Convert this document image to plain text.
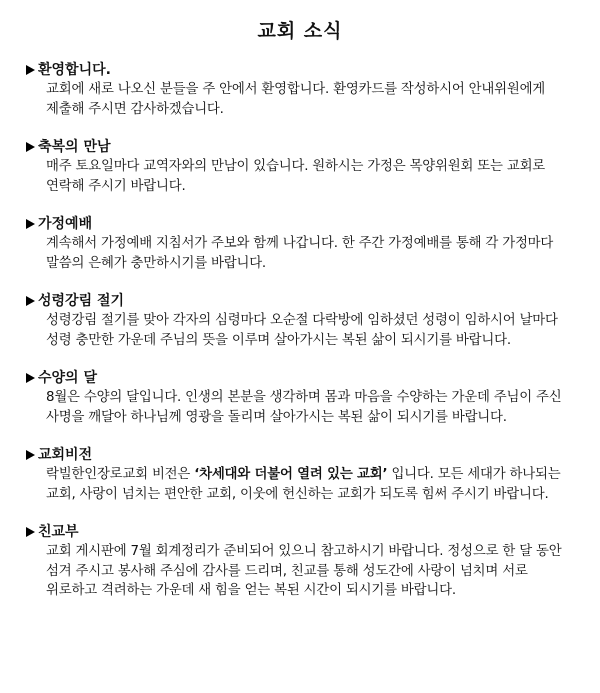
교회 소식
환영합니다.
교회에 새로 나오신 분들을 주 안에서 환영합니다. 환영카드를 작성하시어 안내위원에게 제출해 주시면 감사하겠습니다.
축복의 만남
매주 토요일마다 교역자와의 만남이 있습니다. 원하시는 가정은 목양위원회 또는 교회로 연락해 주시기 바랍니다.
가정예배
계속해서 가정예배 지침서가 주보와 함께 나갑니다. 한 주간 가정예배를 통해 각 가정마다 말씀의 은혜가 충만하시기를 바랍니다.
성령강림 절기
성령강림 절기를 맞아 각자의 심령마다 오순절 다락방에 임하셨던 성령이 임하시어 날마다 성령 충만한 가운데 주님의 뜻을 이루며 살아가시는 복된 삶이 되시기를 바랍니다.
수양의 달
8월은 수양의 달입니다. 인생의 본분을 생각하며 몸과 마음을 수양하는 가운데 주님이 주신 사명을 깨달아 하나님께 영광을 돌리며 살아가시는 복된 삶이 되시기를 바랍니다.
교회비전
락빌한인장로교회 비전은 ‘차세대와 더불어 열려 있는 교회’ 입니다. 모든 세대가 하나되는 교회, 사랑이 넘치는 편안한 교회, 이웃에 헌신하는 교회가 되도록 힘써 주시기 바랍니다.
친교부
교회 게시판에 7월 회계정리가 준비되어 있으니 참고하시기 바랍니다. 정성으로 한 달 동안 섬겨 주시고 봉사해 주심에 감사를 드리며, 친교를 통해 성도간에 사랑이 넘치며 서로 위로하고 격려하는 가운데 새 힘을 얻는 복된 시간이 되시기를 바랍니다.
